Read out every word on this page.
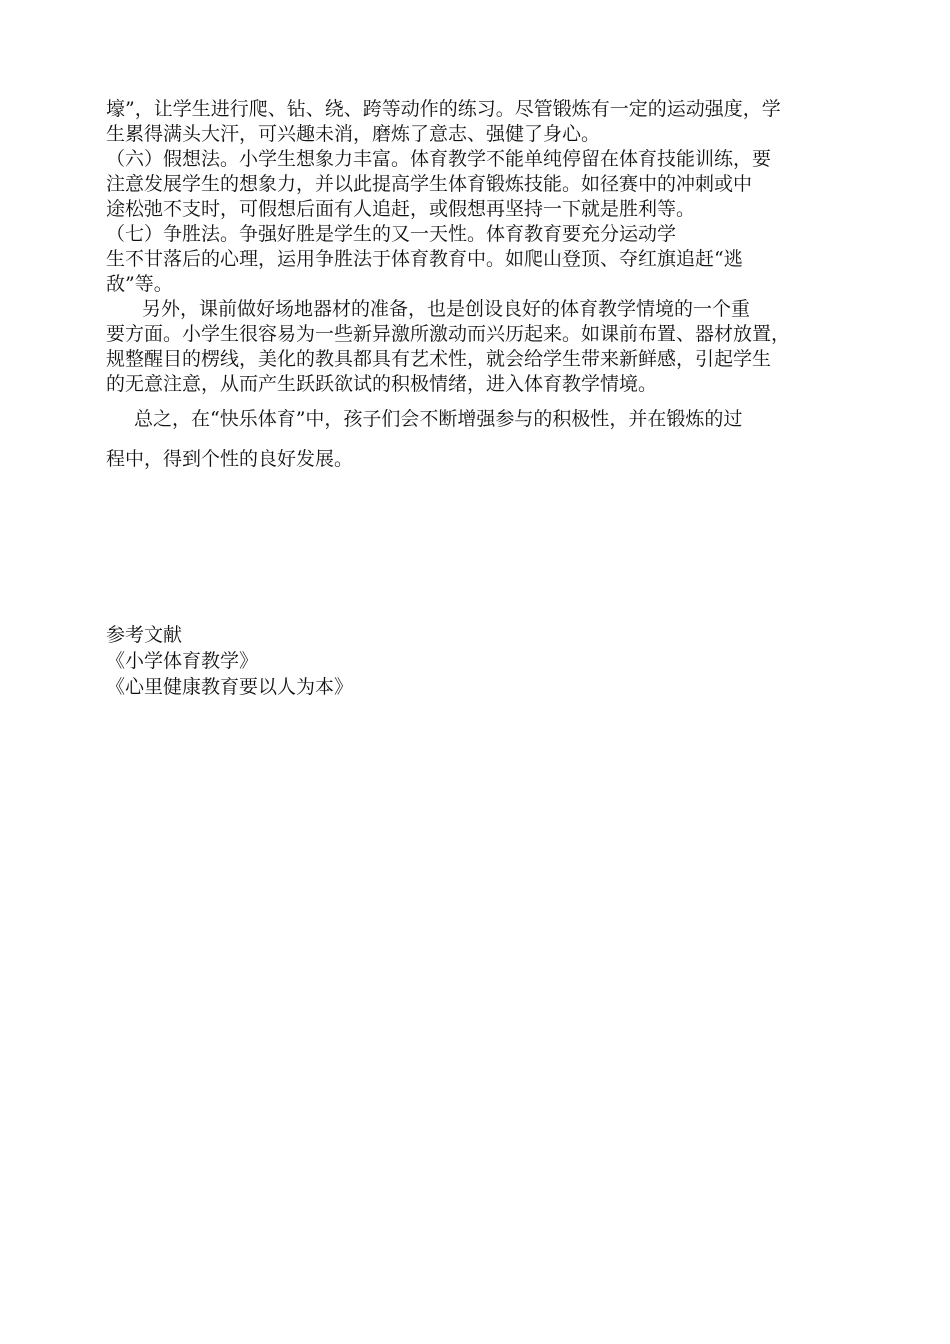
壕”，让学生进行爬、钻、绕、跨等动作的练习。尽管锻炼有一定的运动强度，学

生累得满头大汗，可兴趣未消，磨炼了意志、强健了身心。

（六）假想法。小学生想象力丰富。体育教学不能单纯停留在体育技能训练，要

注意发展学生的想象力，并以此提高学生体育锻炼技能。如径赛中的冲刺或中

途松弛不支时，可假想后面有人追赶，或假想再坚持一下就是胜利等。

（七）争胜法。争强好胜是学生的又一天性。体育教育要充分运动学

生不甘落后的心理，运用争胜法于体育教育中。如爬山登顶、夺红旗追赶“逃

敌”等。

另外，课前做好场地器材的准备，也是创设良好的体育教学情境的一个重

要方面。小学生很容易为一些新异激所激动而兴历起来。如课前布置、器材放置，

规整醒目的楞线，美化的教具都具有艺术性，就会给学生带来新鲜感，引起学生

的无意注意，从而产生跃跃欲试的积极情绪，进入体育教学情境。

总之，在“快乐体育”中，孩子们会不断增强参与的积极性，并在锻炼的过

程中，得到个性的良好发展。

参考文献

《小学体育教学》

《心里健康教育要以人为本》
